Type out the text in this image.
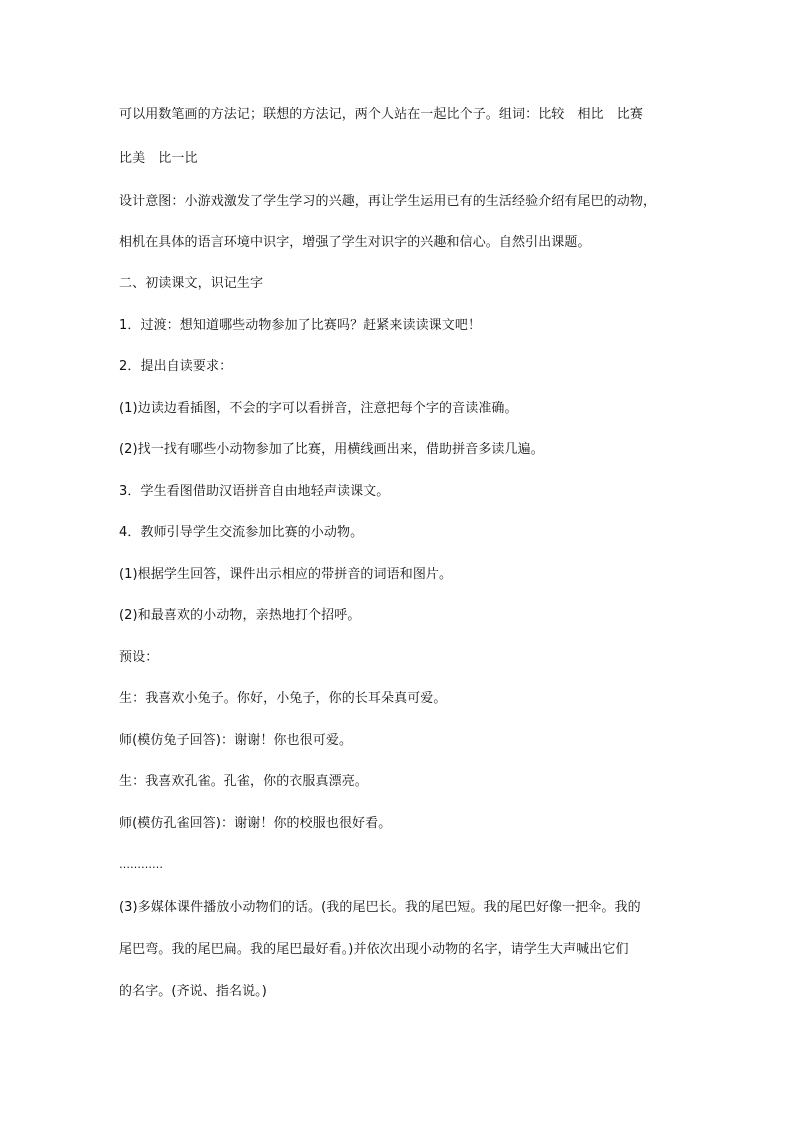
可以用数笔画的方法记；联想的方法记，两个人站在一起比个子。组词：比较　相比　比赛
比美　比一比
设计意图：小游戏激发了学生学习的兴趣，再让学生运用已有的生活经验介绍有尾巴的动物，
相机在具体的语言环境中识字，增强了学生对识字的兴趣和信心。自然引出课题。
二、初读课文，识记生字
1．过渡：想知道哪些动物参加了比赛吗？赶紧来读读课文吧！
2．提出自读要求：
(1)边读边看插图，不会的字可以看拼音，注意把每个字的音读准确。
(2)找一找有哪些小动物参加了比赛，用横线画出来，借助拼音多读几遍。
3．学生看图借助汉语拼音自由地轻声读课文。
4．教师引导学生交流参加比赛的小动物。
(1)根据学生回答，课件出示相应的带拼音的词语和图片。
(2)和最喜欢的小动物，亲热地打个招呼。
预设：
生：我喜欢小兔子。你好，小兔子，你的长耳朵真可爱。
师(模仿兔子回答)：谢谢！你也很可爱。
生：我喜欢孔雀。孔雀，你的衣服真漂亮。
师(模仿孔雀回答)：谢谢！你的校服也很好看。
…………
(3)多媒体课件播放小动物们的话。(我的尾巴长。我的尾巴短。我的尾巴好像一把伞。我的
尾巴弯。我的尾巴扁。我的尾巴最好看。)并依次出现小动物的名字，请学生大声喊出它们
的名字。(齐说、指名说。)
